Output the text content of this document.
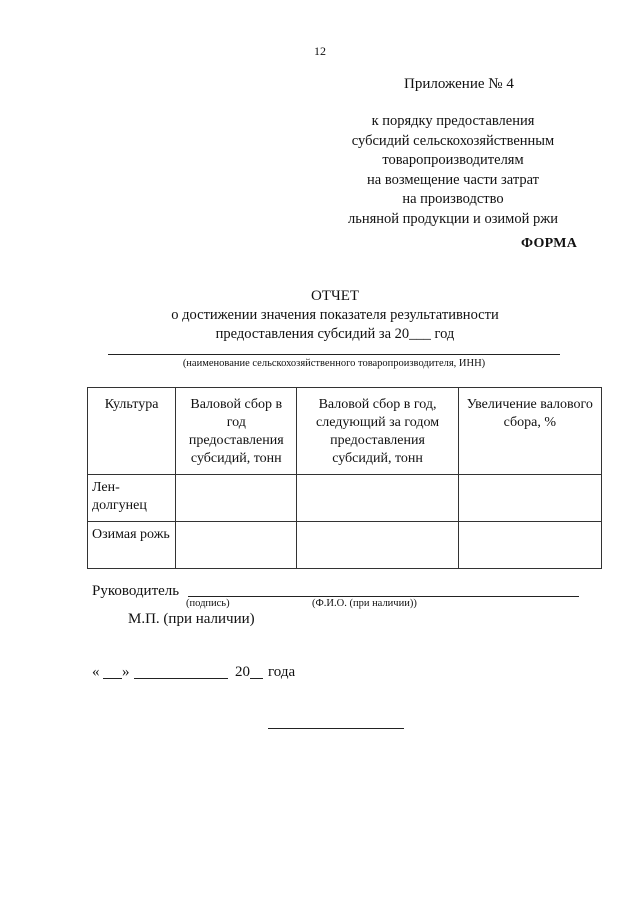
12
Приложение № 4
к порядку предоставления
субсидий сельскохозяйственным
товаропроизводителям
на возмещение части затрат
на производство
льняной продукции и озимой ржи
ФОРМА
ОТЧЕТ
о достижении значения показателя результативности
предоставления субсидий за 20___ год
(наименование сельскохозяйственного товаропроизводителя, ИНН)
Культура	Валовой сбор в год предоставления субсидий, тонн	Валовой сбор в год, следующий за годом предоставления субсидий, тонн	Увеличение валового сбора, %
Лен-долгунец			
Озимая рожь			
Руководитель
(подпись)	(Ф.И.О. (при наличии))
М.П. (при наличии)
« »	20 года
